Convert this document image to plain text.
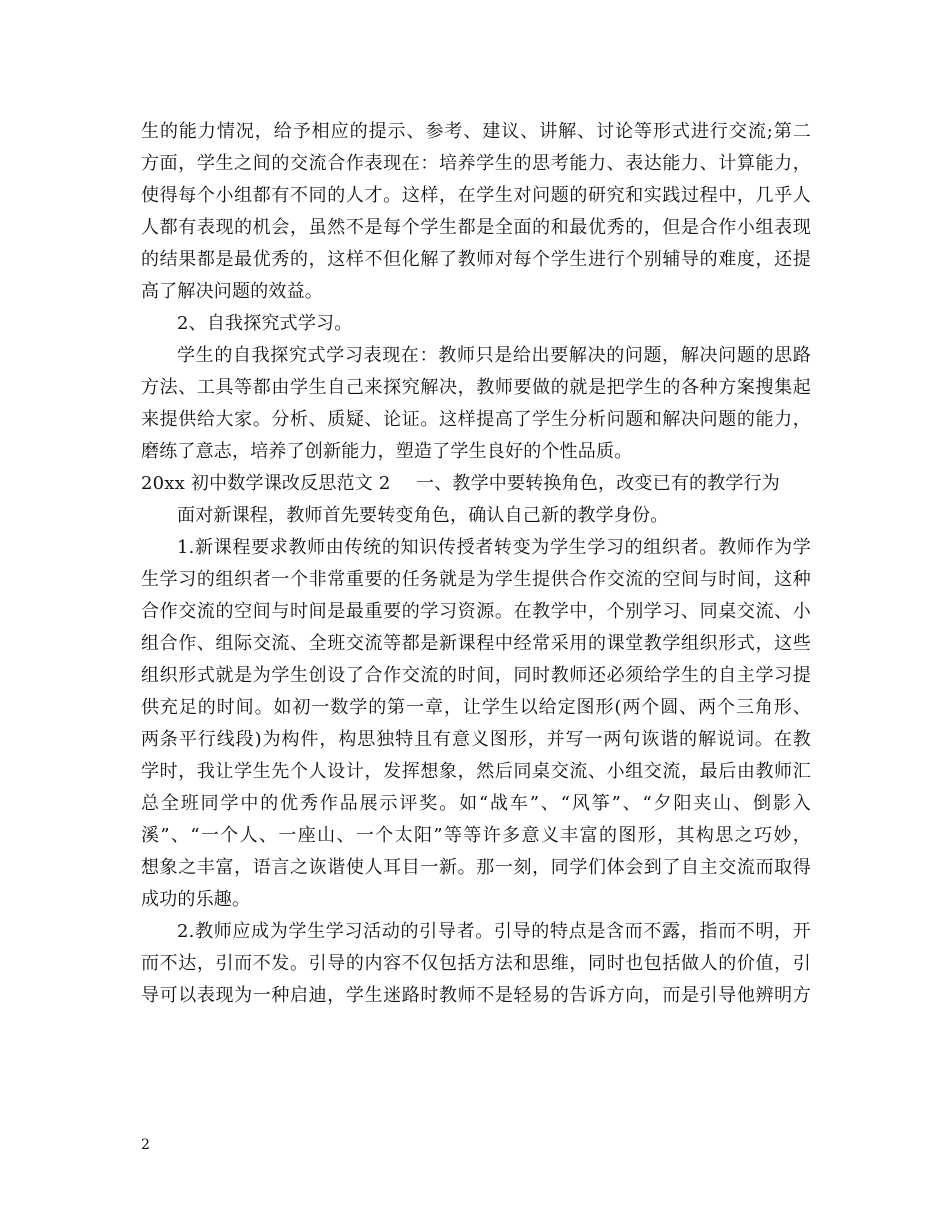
生的能力情况，给予相应的提示、参考、建议、讲解、讨论等形式进行交流;第二
方面，学生之间的交流合作表现在：培养学生的思考能力、表达能力、计算能力，
使得每个小组都有不同的人才。这样，在学生对问题的研究和实践过程中，几乎人
人都有表现的机会，虽然不是每个学生都是全面的和最优秀的，但是合作小组表现
的结果都是最优秀的，这样不但化解了教师对每个学生进行个别辅导的难度，还提
高了解决问题的效益。
2、自我探究式学习。
学生的自我探究式学习表现在：教师只是给出要解决的问题，解决问题的思路
方法、工具等都由学生自己来探究解决，教师要做的就是把学生的各种方案搜集起
来提供给大家。分析、质疑、论证。这样提高了学生分析问题和解决问题的能力，
磨练了意志，培养了创新能力，塑造了学生良好的个性品质。
20xx 初中数学课改反思范文 2 一、教学中要转换角色，改变已有的教学行为
面对新课程，教师首先要转变角色，确认自己新的教学身份。
1.新课程要求教师由传统的知识传授者转变为学生学习的组织者。教师作为学
生学习的组织者一个非常重要的任务就是为学生提供合作交流的空间与时间，这种
合作交流的空间与时间是最重要的学习资源。在教学中，个别学习、同桌交流、小
组合作、组际交流、全班交流等都是新课程中经常采用的课堂教学组织形式，这些
组织形式就是为学生创设了合作交流的时间，同时教师还必须给学生的自主学习提
供充足的时间。如初一数学的第一章，让学生以给定图形(两个圆、两个三角形、
两条平行线段)为构件，构思独特且有意义图形，并写一两句诙谐的解说词。在教
学时，我让学生先个人设计，发挥想象，然后同桌交流、小组交流，最后由教师汇
总全班同学中的优秀作品展示评奖。如“战车”、“风筝”、“夕阳夹山、倒影入
溪”、“一个人、一座山、一个太阳”等等许多意义丰富的图形，其构思之巧妙，
想象之丰富，语言之诙谐使人耳目一新。那一刻，同学们体会到了自主交流而取得
成功的乐趣。
2.教师应成为学生学习活动的引导者。引导的特点是含而不露，指而不明，开
而不达，引而不发。引导的内容不仅包括方法和思维，同时也包括做人的价值，引
导可以表现为一种启迪，学生迷路时教师不是轻易的告诉方向，而是引导他辨明方
2
